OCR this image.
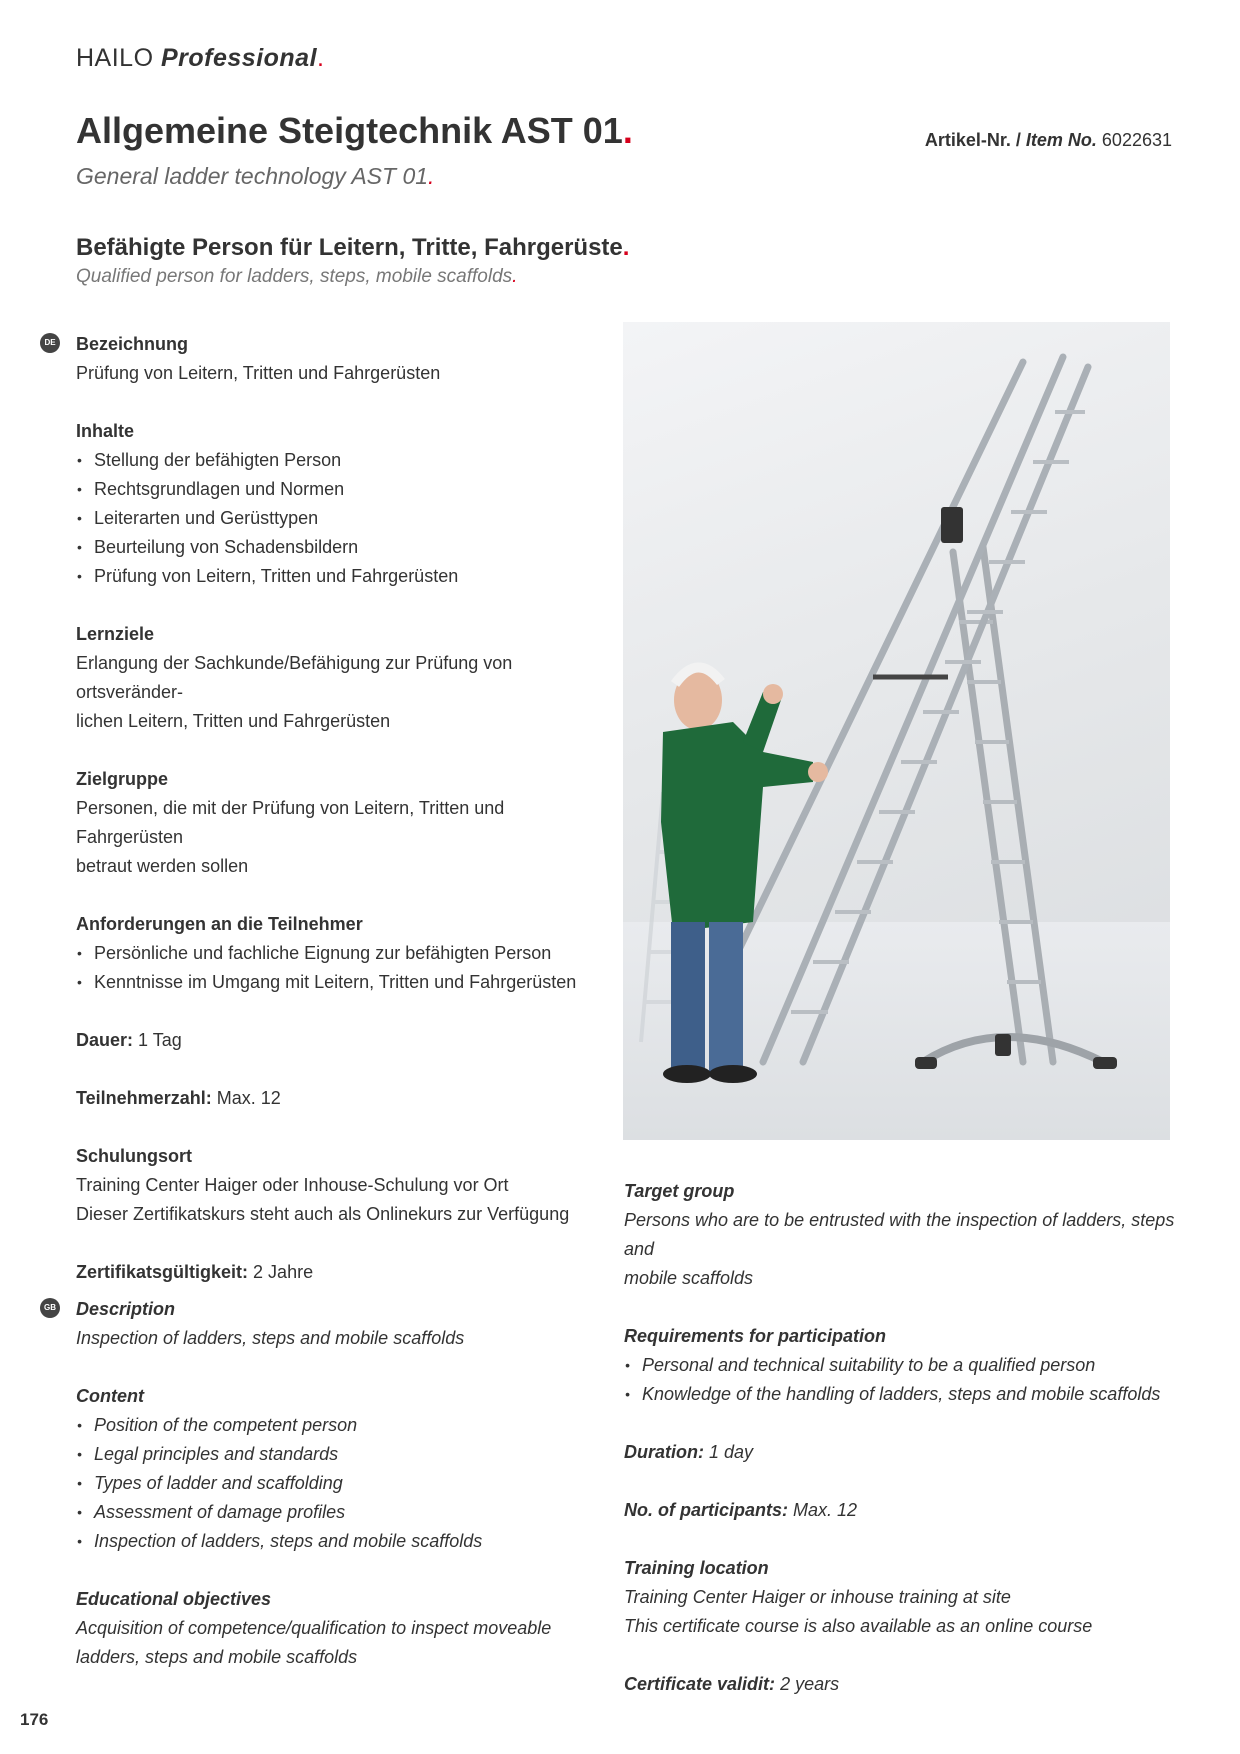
HAILO Professional.
Allgemeine Steigtechnik AST 01.
General ladder technology AST 01.
Artikel-Nr. / Item No. 6022631
Befähigte Person für Leitern, Tritte, Fahrgerüste.
Qualified person for ladders, steps, mobile scaffolds.
DE
GB
Bezeichnung
Prüfung von Leitern, Tritten und Fahrgerüsten
Inhalte
• Stellung der befähigten Person
• Rechtsgrundlagen und Normen
• Leiterarten und Gerüsttypen
• Beurteilung von Schadensbildern
• Prüfung von Leitern, Tritten und Fahrgerüsten
Lernziele
Erlangung der Sachkunde/Befähigung zur Prüfung von ortsveränder-
lichen Leitern, Tritten und Fahrgerüsten
Zielgruppe
Personen, die mit der Prüfung von Leitern, Tritten und Fahrgerüsten
betraut werden sollen
Anforderungen an die Teilnehmer
• Persönliche und fachliche Eignung zur befähigten Person
• Kenntnisse im Umgang mit Leitern, Tritten und Fahrgerüsten
Dauer: 1 Tag
Teilnehmerzahl: Max. 12
Schulungsort
Training Center Haiger oder Inhouse-Schulung vor Ort
Dieser Zertifikatskurs steht auch als Onlinekurs zur Verfügung
Zertifikatsgültigkeit: 2 Jahre
Description
Inspection of ladders, steps and mobile scaffolds
Content
• Position of the competent person
• Legal principles and standards
• Types of ladder and scaffolding
• Assessment of damage profiles
• Inspection of ladders, steps and mobile scaffolds
Educational objectives
Acquisition of competence/qualification to inspect moveable
ladders, steps and mobile scaffolds
Target group
Persons who are to be entrusted with the inspection of ladders, steps and
mobile scaffolds
Requirements for participation
• Personal and technical suitability to be a qualified person
• Knowledge of the handling of ladders, steps and mobile scaffolds
Duration: 1 day
No. of participants: Max. 12
Training location
Training Center Haiger or inhouse training at site
This certificate course is also available as an online course
Certificate validit: 2 years
176
